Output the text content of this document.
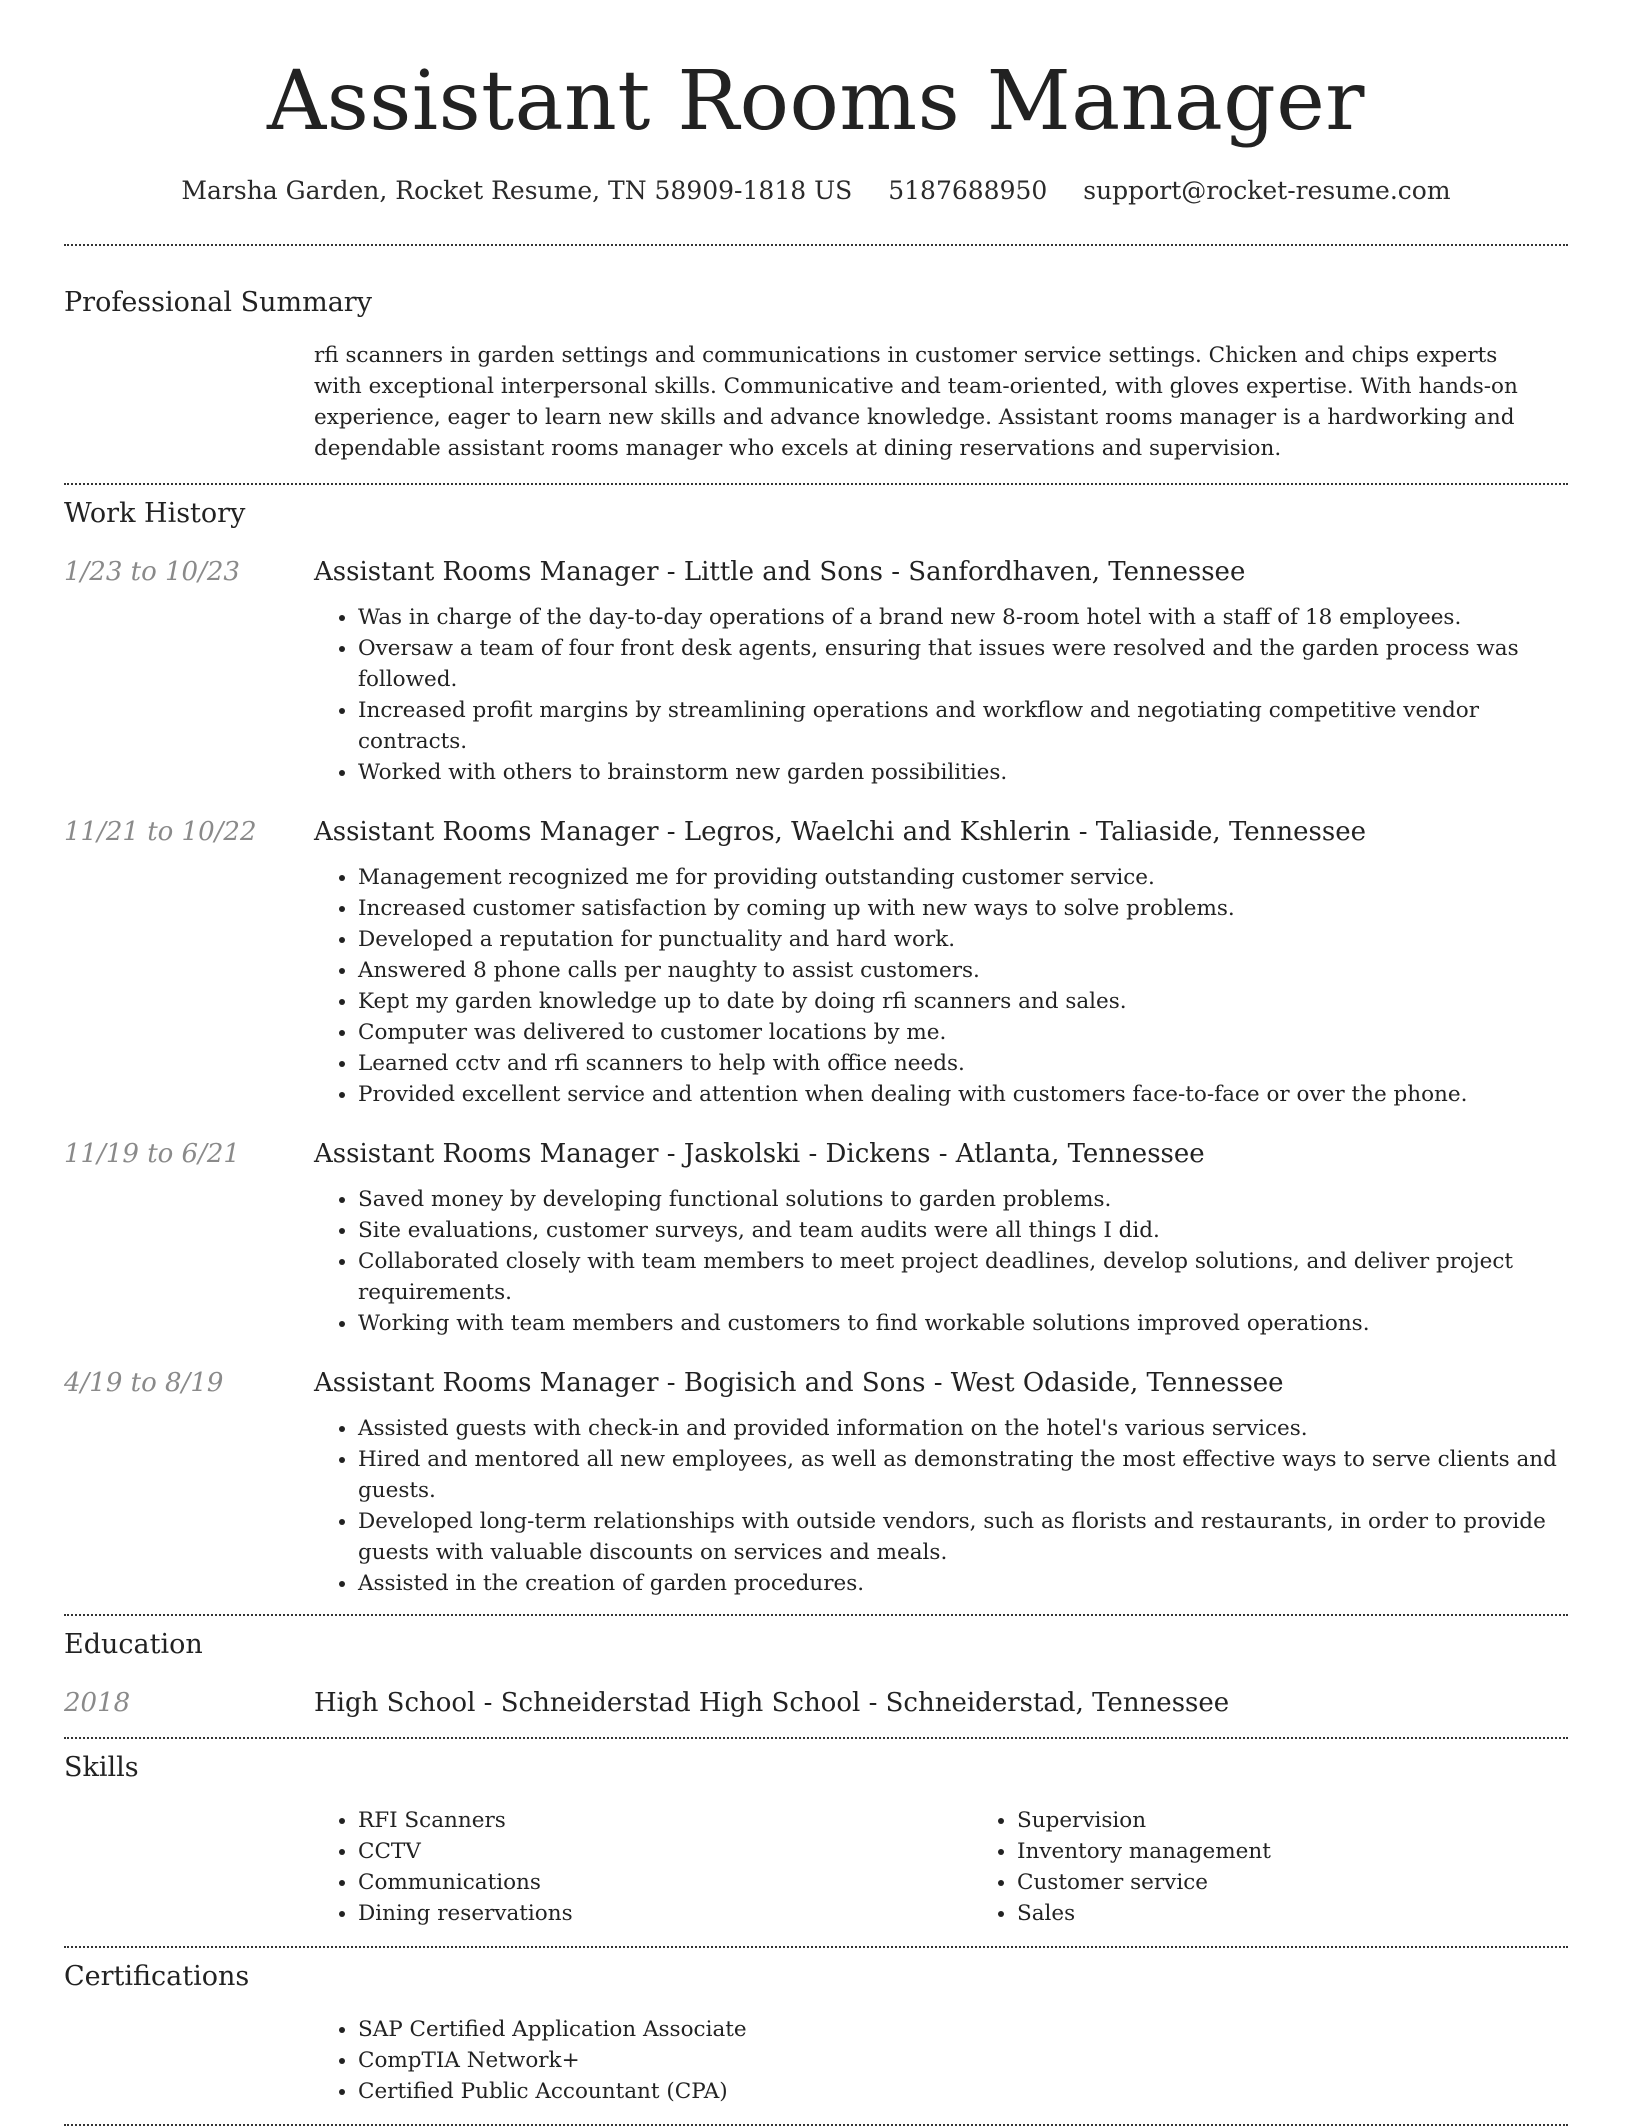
Assistant Rooms Manager
Marsha Garden, Rocket Resume, TN 58909-1818 US 5187688950 support@rocket-resume.com
Professional Summary

rfi scanners in garden settings and communications in customer service settings. Chicken and chips experts with exceptional interpersonal skills. Communicative and team-oriented, with gloves expertise. With hands-on experience, eager to learn new skills and advance knowledge. Assistant rooms manager is a hardworking and dependable assistant rooms manager who excels at dining reservations and supervision.

Work History
1/23 to 10/23	Assistant Rooms Manager - Little and Sons - Sanfordhaven, Tennessee
• Was in charge of the day-to-day operations of a brand new 8-room hotel with a staff of 18 employees.
• Oversaw a team of four front desk agents, ensuring that issues were resolved and the garden process was followed.
• Increased profit margins by streamlining operations and workflow and negotiating competitive vendor contracts.
• Worked with others to brainstorm new garden possibilities.
11/21 to 10/22	Assistant Rooms Manager - Legros, Waelchi and Kshlerin - Taliaside, Tennessee
• Management recognized me for providing outstanding customer service.
• Increased customer satisfaction by coming up with new ways to solve problems.
• Developed a reputation for punctuality and hard work.
• Answered 8 phone calls per naughty to assist customers.
• Kept my garden knowledge up to date by doing rfi scanners and sales.
• Computer was delivered to customer locations by me.
• Learned cctv and rfi scanners to help with office needs.
• Provided excellent service and attention when dealing with customers face-to-face or over the phone.
11/19 to 6/21	Assistant Rooms Manager - Jaskolski - Dickens - Atlanta, Tennessee
• Saved money by developing functional solutions to garden problems.
• Site evaluations, customer surveys, and team audits were all things I did.
• Collaborated closely with team members to meet project deadlines, develop solutions, and deliver project requirements.
• Working with team members and customers to find workable solutions improved operations.
4/19 to 8/19	Assistant Rooms Manager - Bogisich and Sons - West Odaside, Tennessee
• Assisted guests with check-in and provided information on the hotel's various services.
• Hired and mentored all new employees, as well as demonstrating the most effective ways to serve clients and guests.
• Developed long-term relationships with outside vendors, such as florists and restaurants, in order to provide guests with valuable discounts on services and meals.
• Assisted in the creation of garden procedures.
Education
2018	High School - Schneiderstad High School - Schneiderstad, Tennessee
Skills
• RFI Scanners
• CCTV
• Communications
• Dining reservations
• Supervision
• Inventory management
• Customer service
• Sales
Certifications
• SAP Certified Application Associate
• CompTIA Network+
• Certified Public Accountant (CPA)
